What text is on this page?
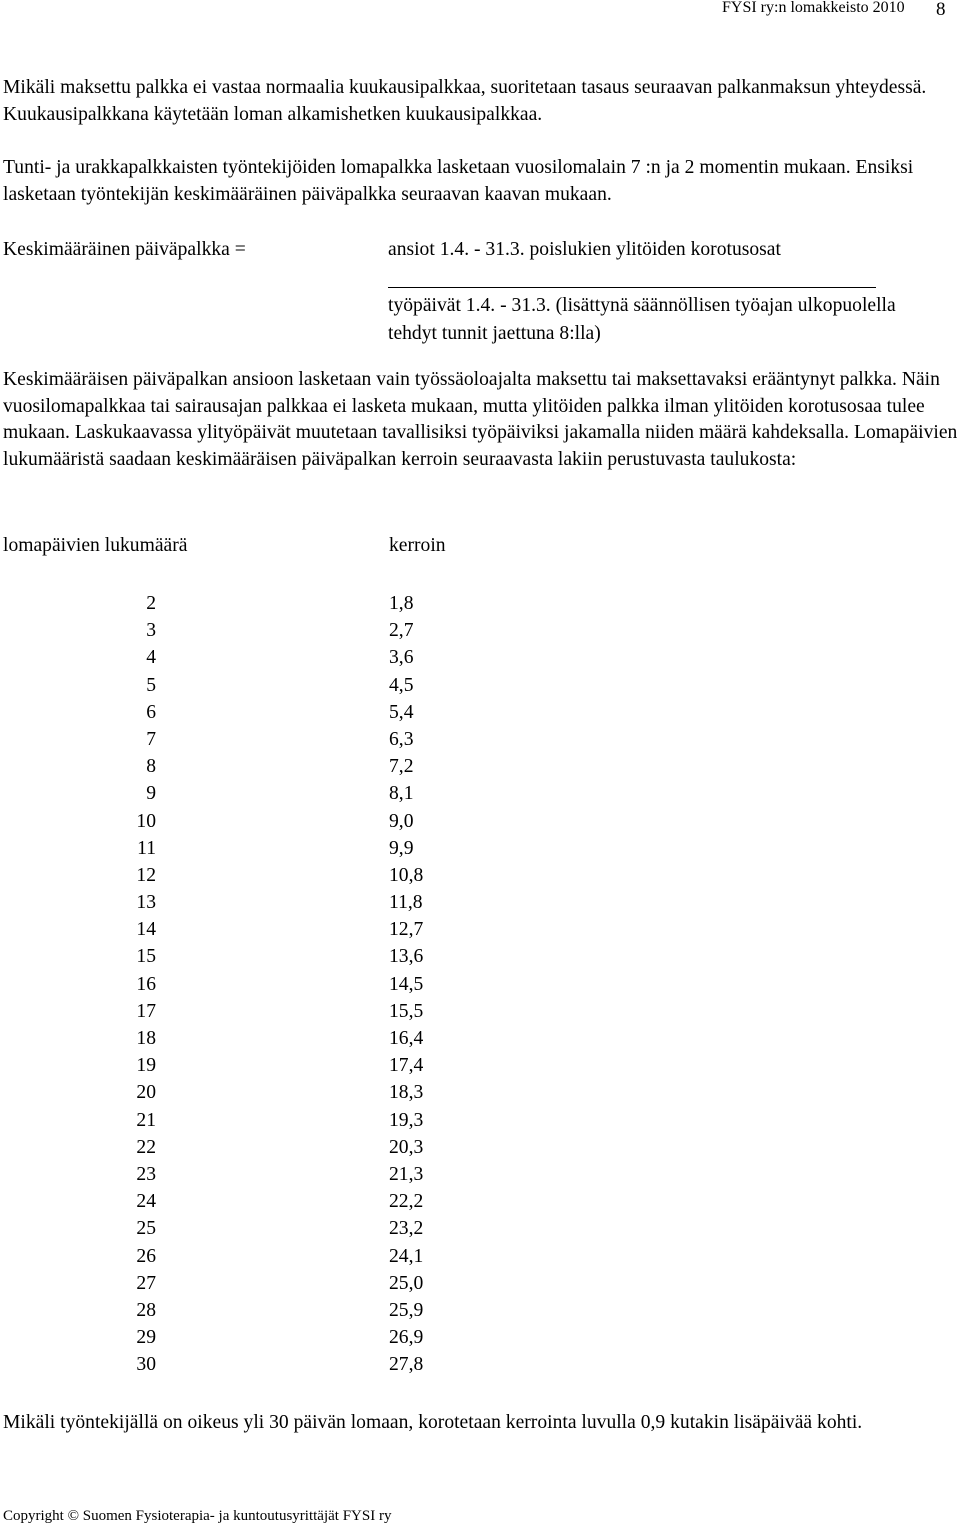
FYSI ry:n lomakkeisto 2010 8

Mikäli maksettu palkka ei vastaa normaalia kuukausipalkkaa, suoritetaan tasaus seuraavan palkanmaksun yhteydessä. Kuukausipalkkana käytetään loman alkamishetken kuukausipalkkaa.

Tunti- ja urakkapalkkaisten työntekijöiden lomapalkka lasketaan vuosilomalain 7 :n ja 2 momentin mukaan. Ensiksi lasketaan työntekijän keskimääräinen päiväpalkka seuraavan kaavan mukaan.

Keskimääräinen päiväpalkka =	ansiot 1.4. - 31.3. poislukien ylitöiden korotusosat
työpäivät 1.4. - 31.3. (lisättynä säännöllisen työajan ulkopuolella tehdyt tunnit jaettuna 8:lla)

Keskimääräisen päiväpalkan ansioon lasketaan vain työssäoloajalta maksettu tai maksettavaksi erääntynyt palkka. Näin vuosilomapalkkaa tai sairausajan palkkaa ei lasketa mukaan, mutta ylitöiden palkka ilman ylitöiden korotusosaa tulee mukaan. Laskukaavassa ylityöpäivät muutetaan tavallisiksi työpäiviksi jakamalla niiden määrä kahdeksalla. Lomapäivien lukumääristä saadaan keskimääräisen päiväpalkan kerroin seuraavasta lakiin perustuvasta taulukosta:

lomapäivien lukumäärä	kerroin
2	1,8
3	2,7
4	3,6
5	4,5
6	5,4
7	6,3
8	7,2
9	8,1
10	9,0
11	9,9
12	10,8
13	11,8
14	12,7
15	13,6
16	14,5
17	15,5
18	16,4
19	17,4
20	18,3
21	19,3
22	20,3
23	21,3
24	22,2
25	23,2
26	24,1
27	25,0
28	25,9
29	26,9
30	27,8

Mikäli työntekijällä on oikeus yli 30 päivän lomaan, korotetaan kerrointa luvulla 0,9 kutakin lisäpäivää kohti.

Copyright © Suomen Fysioterapia- ja kuntoutusyrittäjät FYSI ry
